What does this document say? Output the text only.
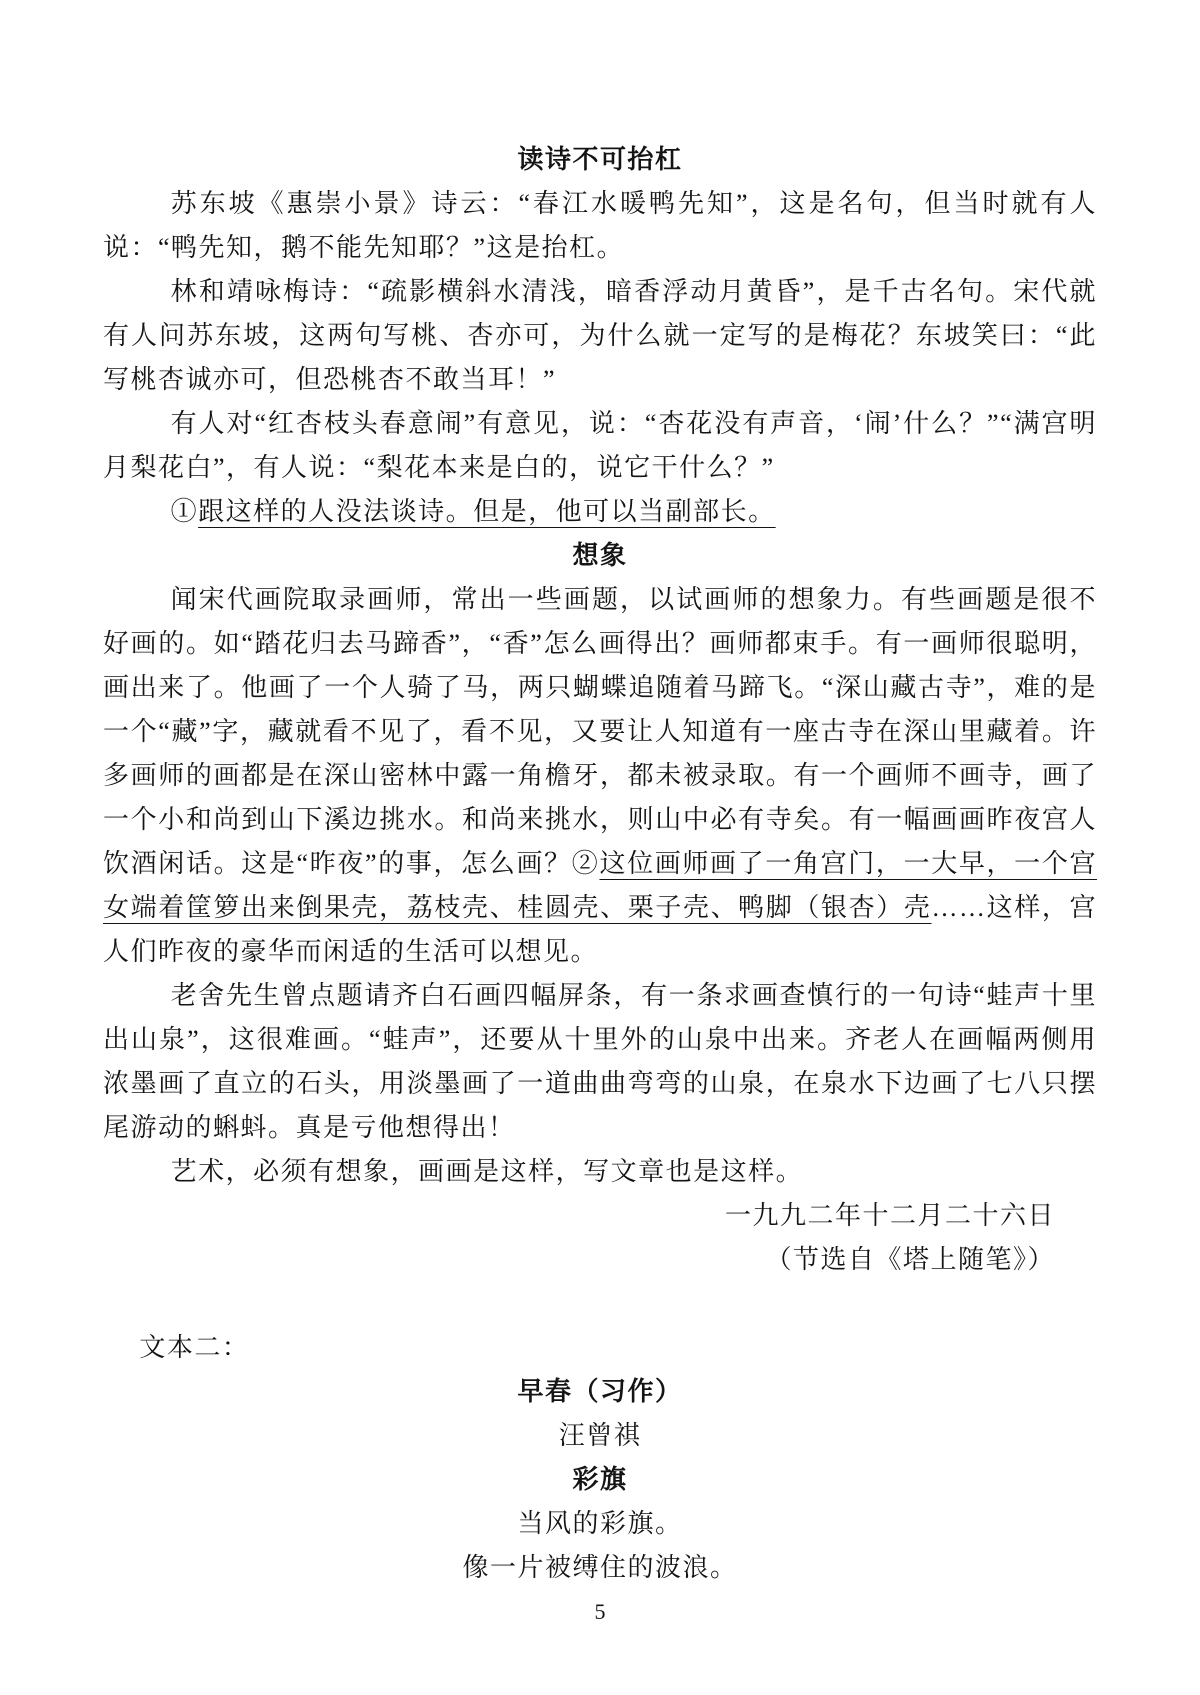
读诗不可抬杠
苏东坡《惠崇小景》诗云：“春江水暖鸭先知”，这是名句，但当时就有人说：“鸭先知，鹅不能先知耶？”这是抬杠。
林和靖咏梅诗：“疏影横斜水清浅，暗香浮动月黄昏”，是千古名句。宋代就有人问苏东坡，这两句写桃、杏亦可，为什么就一定写的是梅花？东坡笑曰：“此写桃杏诚亦可，但恐桃杏不敢当耳！”
有人对“红杏枝头春意闹”有意见，说：“杏花没有声音，‘闹’什么？”“满宫明月梨花白”，有人说：“梨花本来是白的，说它干什么？”
①跟这样的人没法谈诗。但是，他可以当副部长。
想象
闻宋代画院取录画师，常出一些画题，以试画师的想象力。有些画题是很不好画的。如“踏花归去马蹄香”，“香”怎么画得出？画师都束手。有一画师很聪明，画出来了。他画了一个人骑了马，两只蝴蝶追随着马蹄飞。“深山藏古寺”，难的是一个“藏”字，藏就看不见了，看不见，又要让人知道有一座古寺在深山里藏着。许多画师的画都是在深山密林中露一角檐牙，都未被录取。有一个画师不画寺，画了一个小和尚到山下溪边挑水。和尚来挑水，则山中必有寺矣。有一幅画画昨夜宫人饮酒闲话。这是“昨夜”的事，怎么画？②这位画师画了一角宫门，一大早，一个宫女端着筐箩出来倒果壳，荔枝壳、桂圆壳、栗子壳、鸭脚（银杏）壳……这样，宫人们昨夜的豪华而闲适的生活可以想见。
老舍先生曾点题请齐白石画四幅屏条，有一条求画查慎行的一句诗“蛙声十里出山泉”，这很难画。“蛙声”，还要从十里外的山泉中出来。齐老人在画幅两侧用浓墨画了直立的石头，用淡墨画了一道曲曲弯弯的山泉，在泉水下边画了七八只摆尾游动的蝌蚪。真是亏他想得出！
艺术，必须有想象，画画是这样，写文章也是这样。
一九九二年十二月二十六日
（节选自《塔上随笔》）
文本二：
早春（习作）
汪曾祺
彩旗
当风的彩旗。
像一片被缚住的波浪。
5
